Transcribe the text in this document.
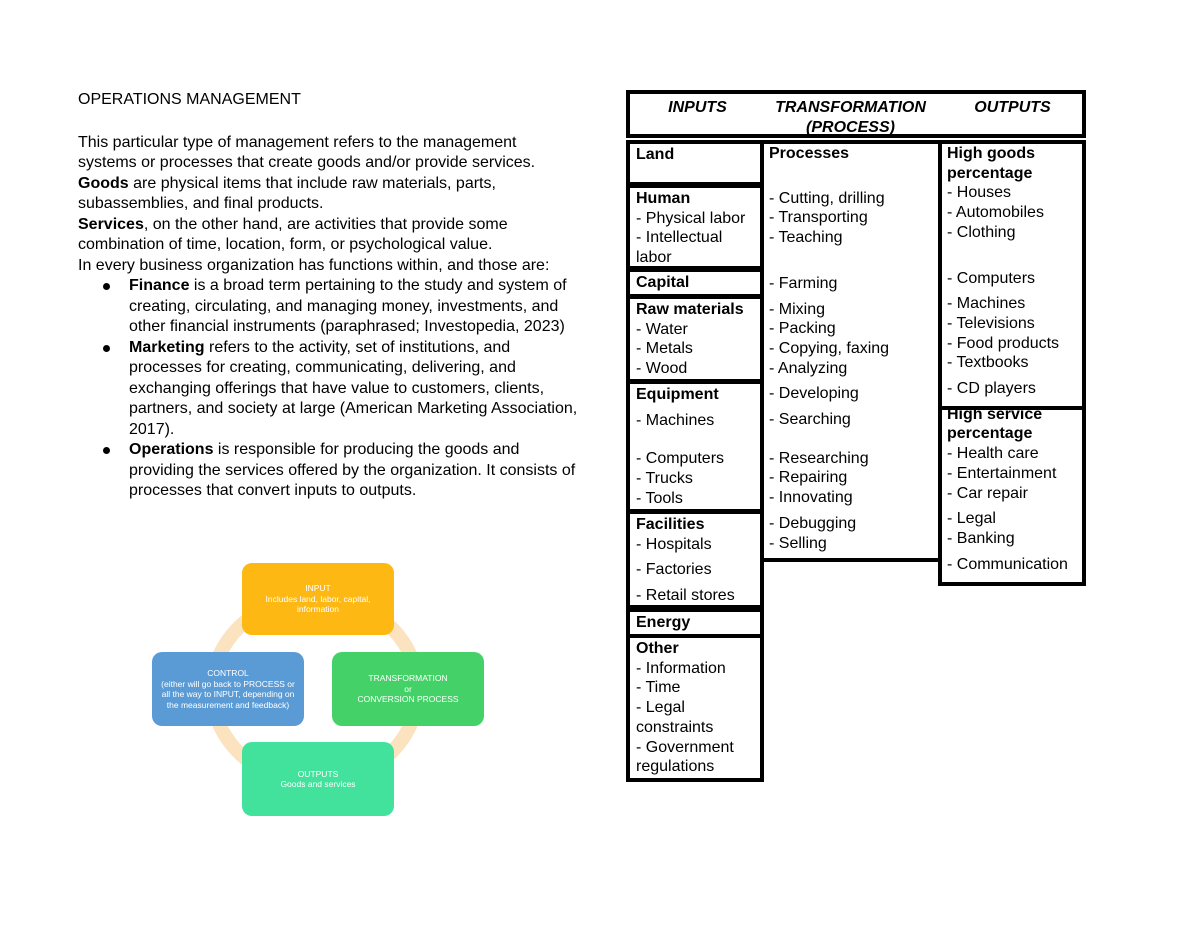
OPERATIONS MANAGEMENT

This particular type of management refers to the management systems or processes that create goods and/or provide services.

Goods are physical items that include raw materials, parts, subassemblies, and final products.

Services, on the other hand, are activities that provide some combination of time, location, form, or psychological value.

In every business organization has functions within, and those are:

Finance is a broad term pertaining to the study and system of creating, circulating, and managing money, investments, and other financial instruments (paraphrased; Investopedia, 2023)
Marketing refers to the activity, set of institutions, and processes for creating, communicating, delivering, and exchanging offerings that have value to customers, clients, partners, and society at large (American Marketing Association, 2017).
Operations is responsible for producing the goods and providing the services offered by the organization. It consists of processes that convert inputs to outputs.
INPUT
Includes land, labor, capital, information
TRANSFORMATION
or
CONVERSION PROCESS
OUTPUTS
Goods and services
CONTROL
(either will go back to PROCESS or all the way to INPUT, depending on the measurement and feedback)
INPUTS	TRANSFORMATION
(PROCESS)
OUTPUTS
Land
Human
- Physical labor
- Intellectual
labor
Capital
Raw materials
- Water
- Metals
- Wood
Equipment
- Machines
- Computers
- Trucks
- Tools
Facilities
- Hospitals
- Factories
- Retail stores
Energy
Other
- Information
- Time
- Legal
constraints
- Government
regulations
Processes
- Cutting, drilling
- Transporting
- Teaching
- Farming
- Mixing
- Packing
- Copying, faxing
- Analyzing
- Developing
- Searching
- Researching
- Repairing
- Innovating
- Debugging
- Selling
High goods
percentage
- Houses
- Automobiles
- Clothing
- Computers
- Machines
- Televisions
- Food products
- Textbooks
- CD players
High service
percentage
- Health care
- Entertainment
- Car repair
- Legal
- Banking
- Communication
